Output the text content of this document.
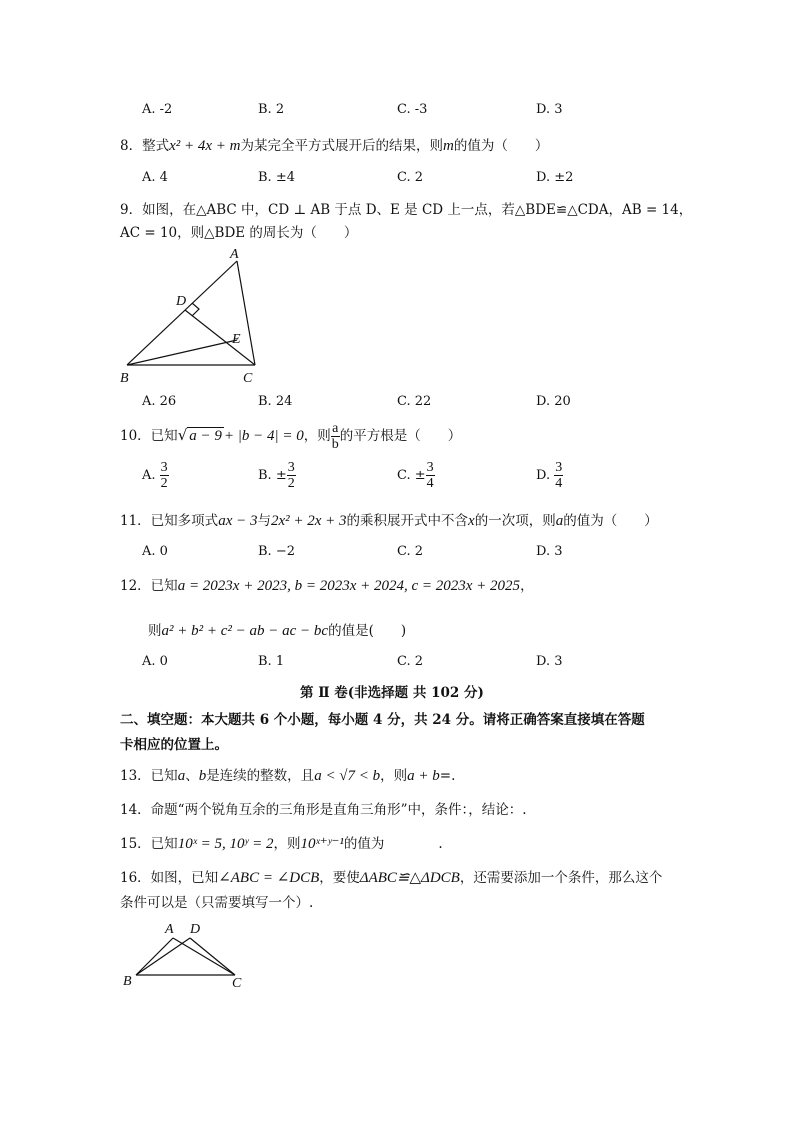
A. -2	B. 2	C. -3	D. 3
8．整式x² + 4x + m为某完全平方式展开后的结果，则m的值为（　　）
A. 4	B. ±4	C. 2	D. ±2
9．如图，在△ABC 中，CD ⊥ AB 于点 D、E 是 CD 上一点，若△BDE≌△CDA，AB = 14，
AC = 10，则△BDE 的周长为（　　）
A
D
E
B	C
A. 26	B. 24	C. 22	D. 20
10．已知√ a − 9 + |b − 4| = 0，则 $\frac{a}{b}$ 的平方根是（　　）
A. $\frac{3}{2}$	B. ± $\frac{3}{2}$	C. ± $\frac{3}{4}$	D. $\frac{3}{4}$
11．已知多项式ax − 3与2x² + 2x + 3的乘积展开式中不含x的一次项，则a的值为（　　）
A. 0	B. −2	C. 2	D. 3
12．已知a = 2023x + 2023, b = 2023x + 2024, c = 2023x + 2025，
则a² + b² + c² − ab − ac − bc的值是(　　)
A. 0	B. 1	C. 2	D. 3
第 Ⅱ 卷(非选择题 共 102 分)
二、填空题：本大题共 6 个小题，每小题 4 分，共 24 分。请将正确答案直接填在答题
卡相应的位置上。
13．已知a、b是连续的整数，且a < √7 < b，则a + b=.
14．命题“两个锐角互余的三角形是直角三角形”中，条件：，结论：.
15．已知10ˣ = 5, 10ʸ = 2，则10ˣ⁺ʸ⁻¹的值为　　　　.
16．如图，已知∠ABC = ∠DCB，要使ΔABC≌△ΔDCB，还需要添加一个条件，那么这个
条件可以是（只需要填写一个）.
A D
B	C
